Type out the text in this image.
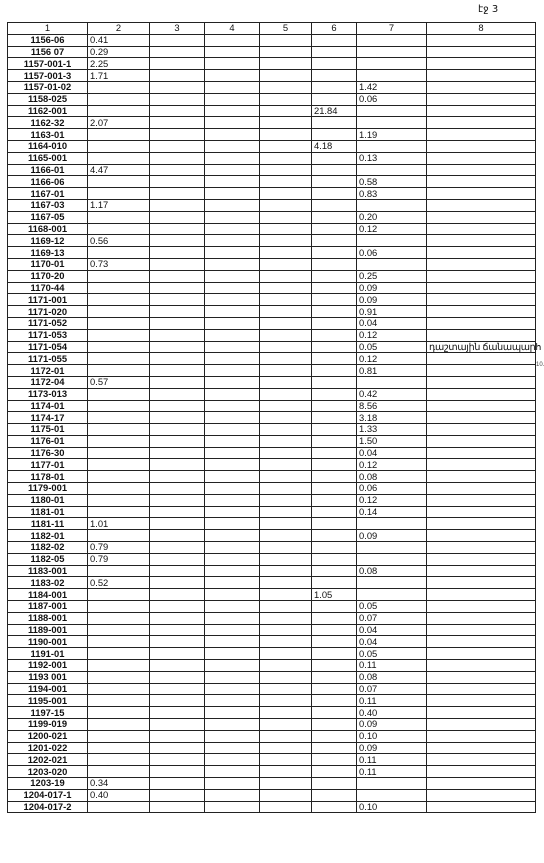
էջ 3
1	2	3	4	5	6	7	8
1156-06	0.41						
1156 07	0.29						
1157-001-1	2.25						
1157-001-3	1.71						
1157-01-02						1.42	
1158-025						0.06	
1162-001					21.84		
1162-32	2.07						
1163-01						1.19	
1164-010					4.18		
1165-001						0.13	
1166-01	4.47						
1166-06						0.58	
1167-01						0.83	
1167-03	1.17						
1167-05						0.20	
1168-001						0.12	
1169-12	0.56						
1169-13						0.06	
1170-01	0.73						
1170-20						0.25	
1170-44						0.09	
1171-001						0.09	
1171-020						0.91	
1171-052						0.04	
1171-053						0.12	
1171-054						0.05	դաշտային ճանապարհ
1171-055						0.12	
1172-01						0.81	
1172-04	0.57						
1173-013						0.42	
1174-01						8.56	
1174-17						3.18	
1175-01						1.33	
1176-01						1.50	
1176-30						0.04	
1177-01						0.12	
1178-01						0.08	
1179-001						0.06	
1180-01						0.12	
1181-01						0.14	
1181-11	1.01						
1182-01						0.09	
1182-02	0.79						
1182-05	0.79						
1183-001						0.08	
1183-02	0.52						
1184-001					1.05		
1187-001						0.05	
1188-001						0.07	
1189-001						0.04	
1190-001						0.04	
1191-01						0.05	
1192-001						0.11	
1193 001						0.08	
1194-001						0.07	
1195-001						0.11	
1197-15						0.40	
1199-019						0.09	
1200-021						0.10	
1201-022						0.09	
1202-021						0.11	
1203-020						0.11	
1203-19	0.34						
1204-017-1	0.40						
1204-017-2						0.10	
10.
